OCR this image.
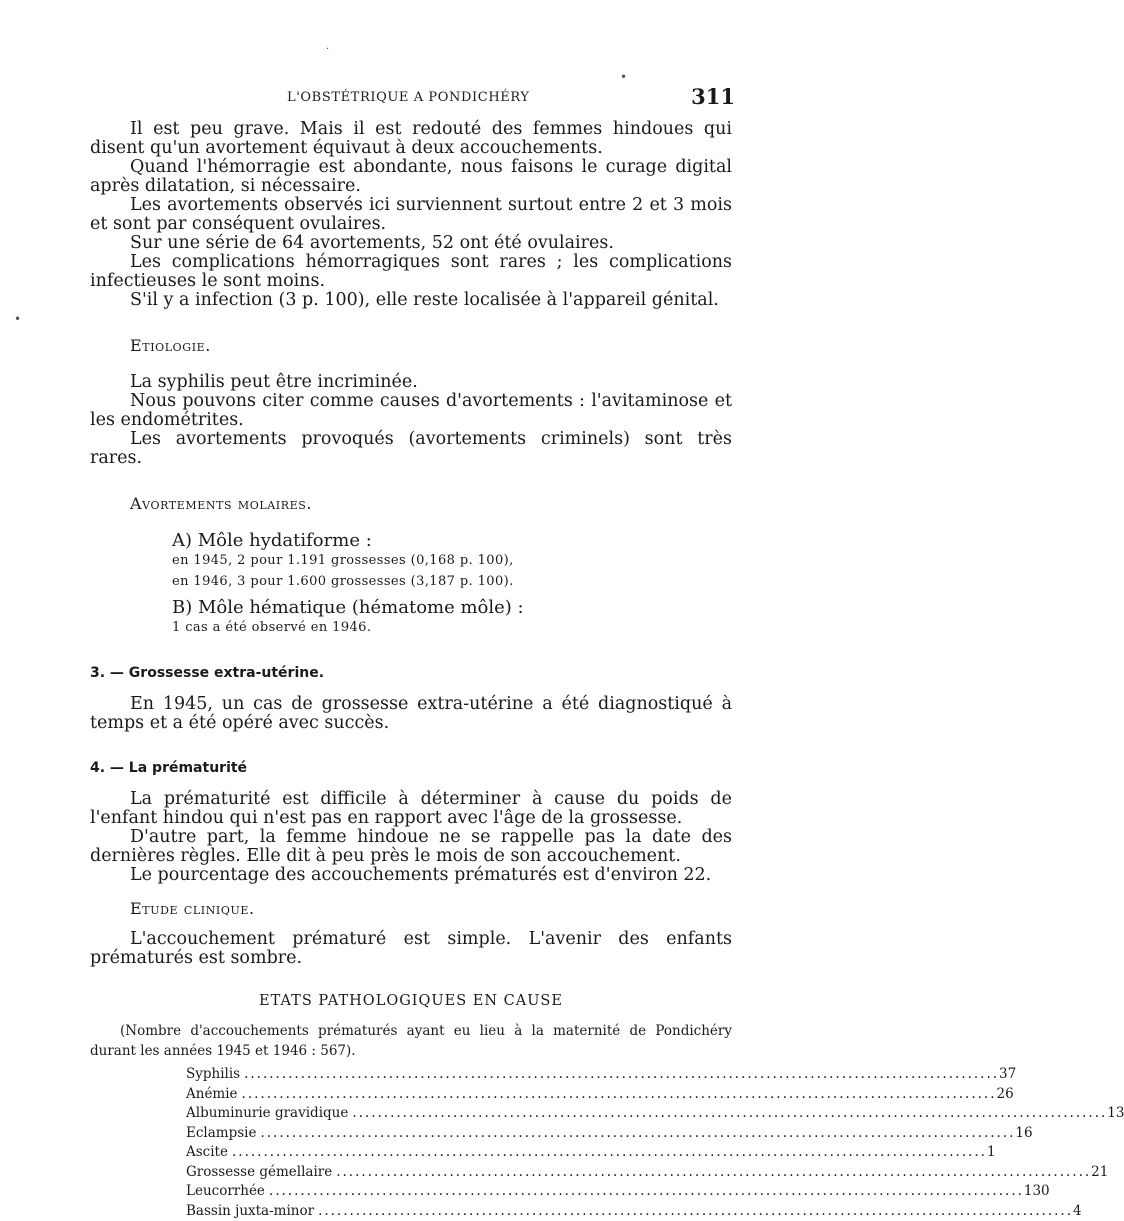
L'OBSTÉTRIQUE A PONDICHÉRY	311
·
•
•

Il est peu grave. Mais il est redouté des femmes hindoues qui disent qu'un avortement équivaut à deux accouchements.

Quand l'hémorragie est abondante, nous faisons le curage digital après dilatation, si nécessaire.

Les avortements observés ici surviennent surtout entre 2 et 3 mois et sont par conséquent ovulaires.

Sur une série de 64 avortements, 52 ont été ovulaires.

Les complications hémorragiques sont rares ; les complications infectieuses le sont moins.

S'il y a infection (3 p. 100), elle reste localisée à l'appareil génital.

Etiologie.

La syphilis peut être incriminée.

Nous pouvons citer comme causes d'avortements : l'avitaminose et les endométrites.

Les avortements provoqués (avortements criminels) sont très rares.

Avortements molaires.
A) Môle hydatiforme :
en 1945, 2 pour 1.191 grossesses (0,168 p. 100),
en 1946, 3 pour 1.600 grossesses (3,187 p. 100).
B) Môle hématique (hématome môle) :
1 cas a été observé en 1946.
3. — Grossesse extra-utérine.

En 1945, un cas de grossesse extra-utérine a été diagnostiqué à temps et a été opéré avec succès.

4. — La prématurité

La prématurité est difficile à déterminer à cause du poids de l'enfant hindou qui n'est pas en rapport avec l'âge de la grossesse.

D'autre part, la femme hindoue ne se rappelle pas la date des dernières règles. Elle dit à peu près le mois de son accouchement.

Le pourcentage des accouchements prématurés est d'environ 22.

Etude clinique.

L'accouchement prématuré est simple. L'avenir des enfants prématurés est sombre.

ETATS PATHOLOGIQUES EN CAUSE

(Nombre d'accouchements prématurés ayant eu lieu à la maternité de Pondichéry durant les années 1945 et 1946 : 567).

Syphilis ........................................................................................................................ 37
Anémie ........................................................................................................................ 26
Albuminurie gravidique ........................................................................................................................ 13
Eclampsie ........................................................................................................................ 16
Ascite ........................................................................................................................ 1
Grossesse gémellaire ........................................................................................................................ 21
Leucorrhée ........................................................................................................................ 130
Bassin juxta-minor ........................................................................................................................ 4
